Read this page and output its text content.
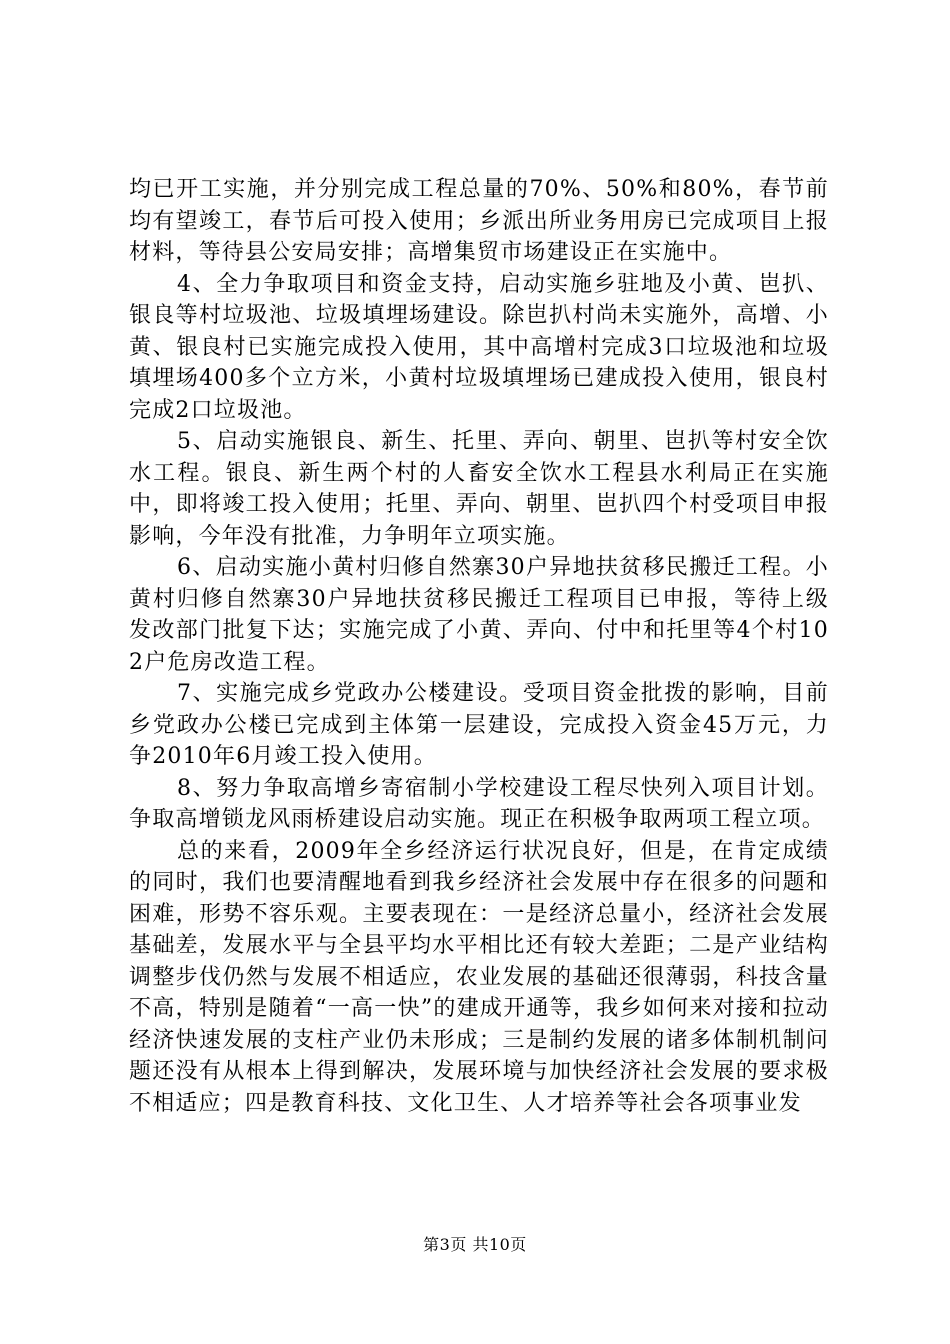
均已开工实施，并分别完成工程总量的70%、50%和80%，春节前均有望竣工，春节后可投入使用；乡派出所业务用房已完成项目上报材料，等待县公安局安排；高增集贸市场建设正在实施中。

4、全力争取项目和资金支持，启动实施乡驻地及小黄、岜扒、银良等村垃圾池、垃圾填埋场建设。除岜扒村尚未实施外，高增、小黄、银良村已实施完成投入使用，其中高增村完成3口垃圾池和垃圾填埋场400多个立方米，小黄村垃圾填埋场已建成投入使用，银良村完成2口垃圾池。

5、启动实施银良、新生、托里、弄向、朝里、岜扒等村安全饮水工程。银良、新生两个村的人畜安全饮水工程县水利局正在实施中，即将竣工投入使用；托里、弄向、朝里、岜扒四个村受项目申报影响，今年没有批准，力争明年立项实施。

6、启动实施小黄村归修自然寨30户异地扶贫移民搬迁工程。小黄村归修自然寨30户异地扶贫移民搬迁工程项目已申报，等待上级发改部门批复下达；实施完成了小黄、弄向、付中和托里等4个村102户危房改造工程。

7、实施完成乡党政办公楼建设。受项目资金批拨的影响，目前乡党政办公楼已完成到主体第一层建设，完成投入资金45万元，力争2010年6月竣工投入使用。

8、努力争取高增乡寄宿制小学校建设工程尽快列入项目计划。争取高增锁龙风雨桥建设启动实施。现正在积极争取两项工程立项。

总的来看，2009年全乡经济运行状况良好，但是，在肯定成绩的同时，我们也要清醒地看到我乡经济社会发展中存在很多的问题和困难，形势不容乐观。主要表现在：一是经济总量小，经济社会发展基础差，发展水平与全县平均水平相比还有较大差距；二是产业结构调整步伐仍然与发展不相适应，农业发展的基础还很薄弱，科技含量不高，特别是随着“一高一快”的建成开通等，我乡如何来对接和拉动经济快速发展的支柱产业仍未形成；三是制约发展的诸多体制机制问题还没有从根本上得到解决，发展环境与加快经济社会发展的要求极不相适应；四是教育科技、文化卫生、人才培养等社会各项事业发

第3页 共10页
